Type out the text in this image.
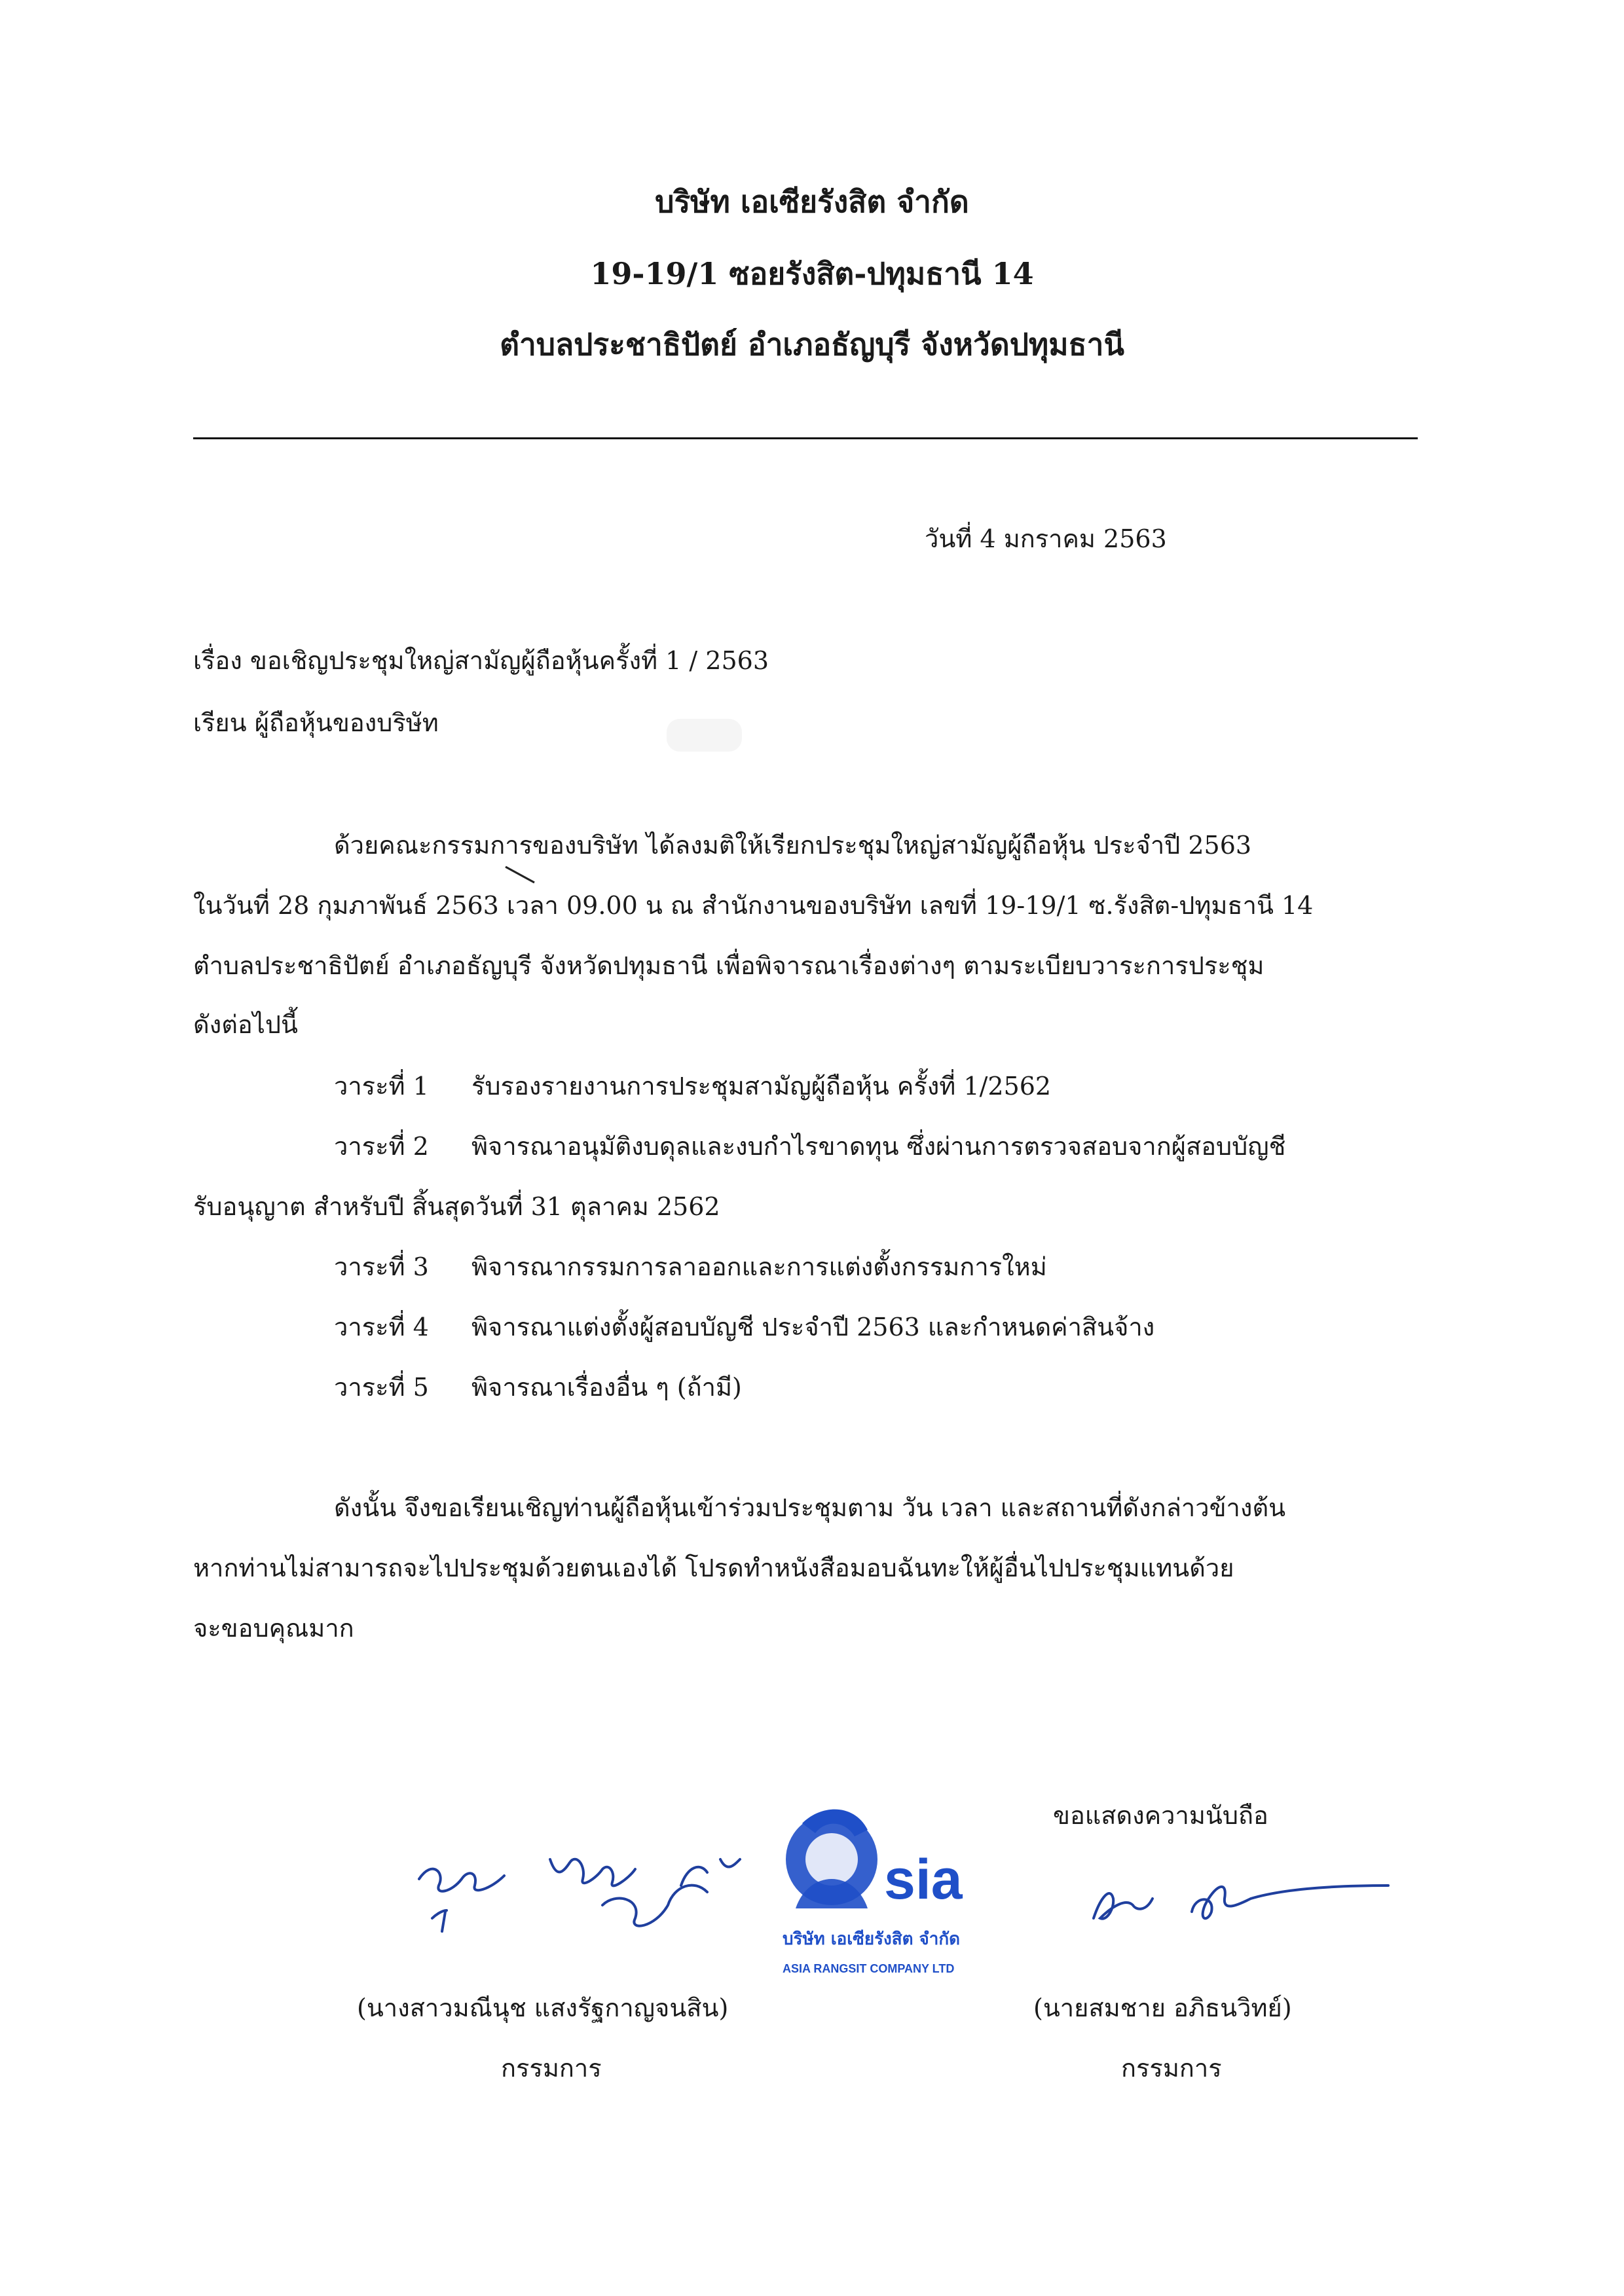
บริษัท เอเซียรังสิต จำกัด
19-19/1 ซอยรังสิต-ปทุมธานี 14
ตำบลประชาธิปัตย์ อำเภอธัญบุรี จังหวัดปทุมธานี
วันที่ 4 มกราคม 2563
เรื่อง ขอเชิญประชุมใหญ่สามัญผู้ถือหุ้นครั้งที่ 1 / 2563
เรียน ผู้ถือหุ้นของบริษัท
ด้วยคณะกรรมการของบริษัท ได้ลงมติให้เรียกประชุมใหญ่สามัญผู้ถือหุ้น ประจำปี 2563
ในวันที่ 28 กุมภาพันธ์ 2563 เวลา 09.00 น ณ สำนักงานของบริษัท เลขที่ 19-19/1 ซ.รังสิต-ปทุมธานี 14
ตำบลประชาธิปัตย์ อำเภอธัญบุรี จังหวัดปทุมธานี เพื่อพิจารณาเรื่องต่างๆ ตามระเบียบวาระการประชุม
ดังต่อไปนี้
วาระที่ 1 รับรองรายงานการประชุมสามัญผู้ถือหุ้น ครั้งที่ 1/2562
วาระที่ 2 พิจารณาอนุมัติงบดุลและงบกำไรขาดทุน ซึ่งผ่านการตรวจสอบจากผู้สอบบัญชี
รับอนุญาต สำหรับปี สิ้นสุดวันที่ 31 ตุลาคม 2562
วาระที่ 3 พิจารณากรรมการลาออกและการแต่งตั้งกรรมการใหม่
วาระที่ 4 พิจารณาแต่งตั้งผู้สอบบัญชี ประจำปี 2563 และกำหนดค่าสินจ้าง
วาระที่ 5 พิจารณาเรื่องอื่น ๆ (ถ้ามี)
ดังนั้น จึงขอเรียนเชิญท่านผู้ถือหุ้นเข้าร่วมประชุมตาม วัน เวลา และสถานที่ดังกล่าวข้างต้น
หากท่านไม่สามารถจะไปประชุมด้วยตนเองได้ โปรดทำหนังสือมอบฉันทะให้ผู้อื่นไปประชุมแทนด้วย
จะขอบคุณมาก
ขอแสดงความนับถือ
sia
บริษัท เอเซียรังสิต จำกัด
ASIA RANGSIT COMPANY LTD
(นางสาวมณีนุช แสงรัฐกาญจนสิน)
กรรมการ
(นายสมชาย อภิธนวิทย์)
กรรมการ
